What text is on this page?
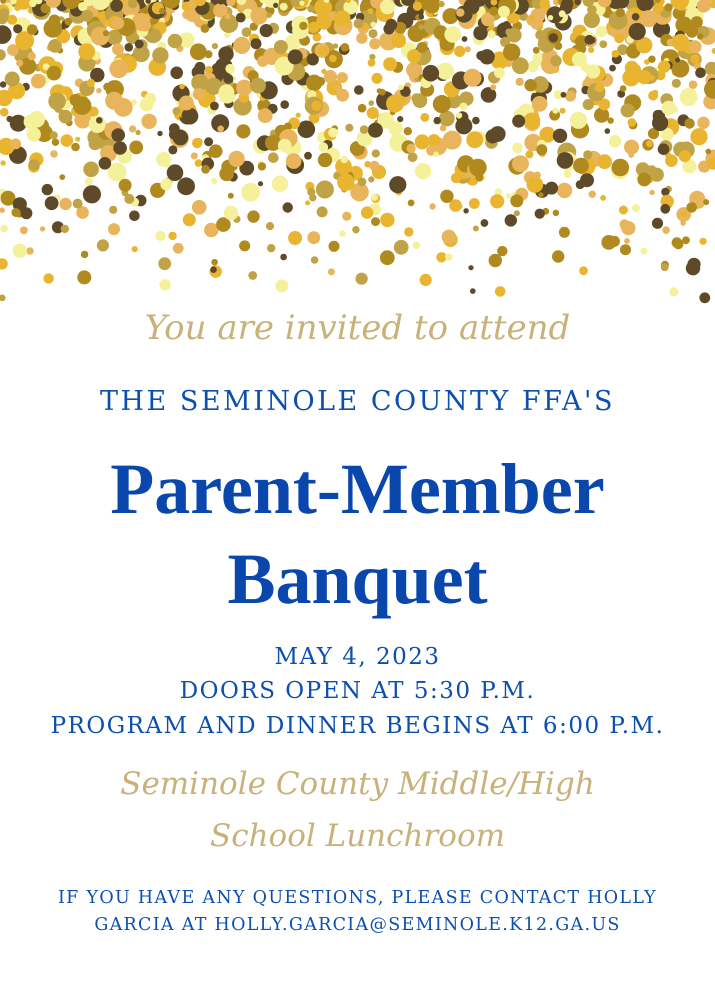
You are invited to attend
THE SEMINOLE COUNTY FFA'S
Parent-Member
Banquet
MAY 4, 2023
DOORS OPEN AT 5:30 P.M.
PROGRAM AND DINNER BEGINS AT 6:00 P.M.
Seminole County Middle/High
School Lunchroom
IF YOU HAVE ANY QUESTIONS, PLEASE CONTACT HOLLY
GARCIA AT HOLLY.GARCIA@SEMINOLE.K12.GA.US
